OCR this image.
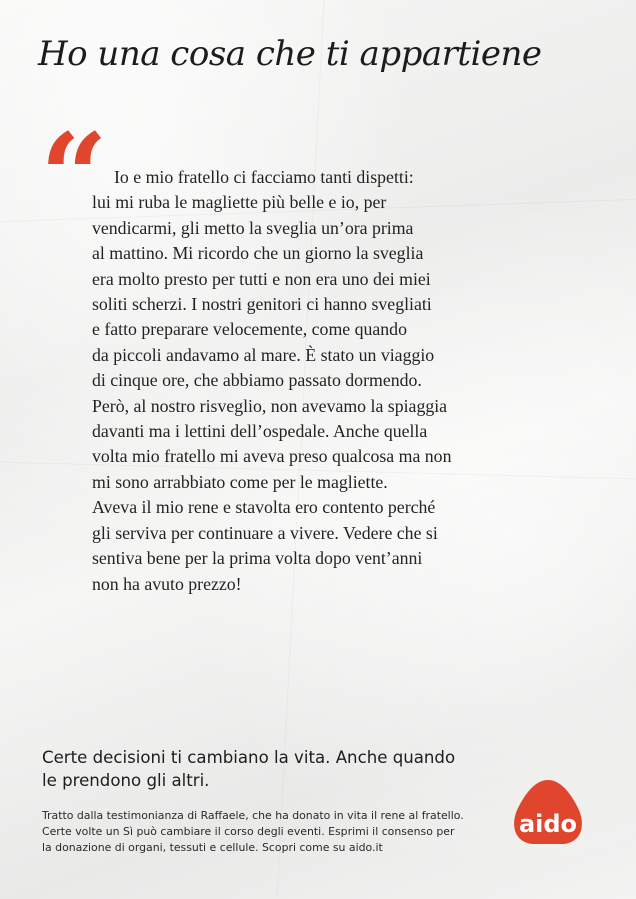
Ho una cosa che ti appartiene
“ Io e mio fratello ci facciamo tanti dispetti:
lui mi ruba le magliette più belle e io, per
vendicarmi, gli metto la sveglia un’ora prima
al mattino. Mi ricordo che un giorno la sveglia
era molto presto per tutti e non era uno dei miei
soliti scherzi. I nostri genitori ci hanno svegliati
e fatto preparare velocemente, come quando
da piccoli andavamo al mare. È stato un viaggio
di cinque ore, che abbiamo passato dormendo.
Però, al nostro risveglio, non avevamo la spiaggia
davanti ma i lettini dell’ospedale. Anche quella
volta mio fratello mi aveva preso qualcosa ma non
mi sono arrabbiato come per le magliette.
Aveva il mio rene e stavolta ero contento perché
gli serviva per continuare a vivere. Vedere che si
sentiva bene per la prima volta dopo vent’anni
non ha avuto prezzo!
Certe decisioni ti cambiano la vita. Anche quando
le prendono gli altri.
Tratto dalla testimonianza di Raffaele, che ha donato in vita il rene al fratello.
Certe volte un Sì può cambiare il corso degli eventi. Esprimi il consenso per
la donazione di organi, tessuti e cellule. Scopri come su aido.it
aido
